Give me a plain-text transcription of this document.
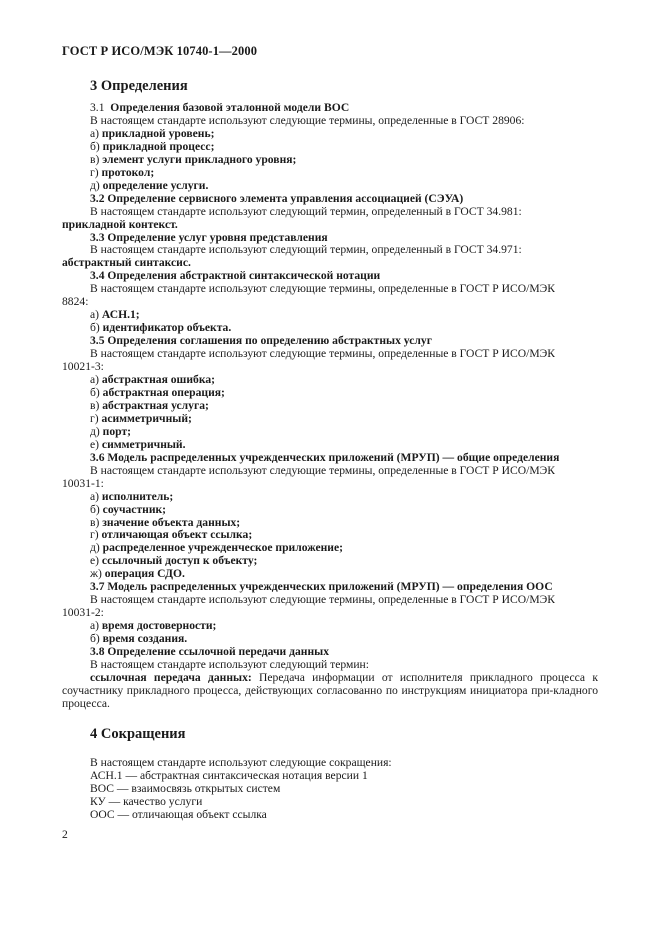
ГОСТ Р ИСО/МЭК 10740-1—2000
3 Определения

3.1 Определения базовой эталонной модели ВОС

В настоящем стандарте используют следующие термины, определенные в ГОСТ 28906:

а) прикладной уровень;

б) прикладной процесс;

в) элемент услуги прикладного уровня;

г) протокол;

д) определение услуги.

3.2 Определение сервисного элемента управления ассоциацией (СЭУА)

В настоящем стандарте используют следующий термин, определенный в ГОСТ 34.981:

прикладной контекст.

3.3 Определение услуг уровня представления

В настоящем стандарте используют следующий термин, определенный в ГОСТ 34.971:

абстрактный синтаксис.

3.4 Определения абстрактной синтаксической нотации

В настоящем стандарте используют следующие термины, определенные в ГОСТ Р ИСО/МЭК

8824:

а) АСН.1;

б) идентификатор объекта.

3.5 Определения соглашения по определению абстрактных услуг

В настоящем стандарте используют следующие термины, определенные в ГОСТ Р ИСО/МЭК

10021-3:

а) абстрактная ошибка;

б) абстрактная операция;

в) абстрактная услуга;

г) асимметричный;

д) порт;

е) симметричный.

3.6 Модель распределенных учрежденческих приложений (МРУП) — общие определения

В настоящем стандарте используют следующие термины, определенные в ГОСТ Р ИСО/МЭК

10031-1:

а) исполнитель;

б) соучастник;

в) значение объекта данных;

г) отличающая объект ссылка;

д) распределенное учрежденческое приложение;

е) ссылочный доступ к объекту;

ж) операция СДО.

3.7 Модель распределенных учрежденческих приложений (МРУП) — определения ООС

В настоящем стандарте используют следующие термины, определенные в ГОСТ Р ИСО/МЭК

10031-2:

а) время достоверности;

б) время создания.

3.8 Определение ссылочной передачи данных

В настоящем стандарте используют следующий термин:

ссылочная передача данных: Передача информации от исполнителя прикладного процесса к соучастнику прикладного процесса, действующих согласованно по инструкциям инициатора при-кладного процесса.

4 Сокращения

В настоящем стандарте используют следующие сокращения:

АСН.1 — абстрактная синтаксическая нотация версии 1

ВОС — взаимосвязь открытых систем

КУ — качество услуги

ООС — отличающая объект ссылка

2
